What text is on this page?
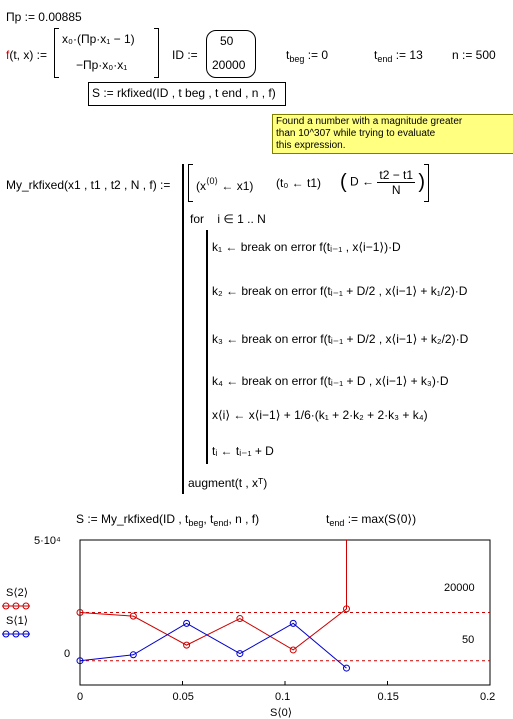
Пр := 0.00885
f(t, x) :=
x₀·(Пр·x₁ − 1)
−Пр·x₀·x₁
ID :=
50
20000
$t_{beg}$ := 0	$t_{end}$ := 13 n := 500
S := rkfixed(ID , t beg , t end , n , f)
Found a number with a magnitude greater
than 10^307 while trying to evaluate
this expression.
My_rkfixed(x1 , t1 , t2 , N , f) := ($x^{⟨0⟩}$ ← x1) (t₀ ← t1) ( D ← $\frac{t2 - t1}{N}$ )
for i ∈ 1 .. N
k₁ ← break on error f(tᵢ₋₁ , x⟨i−1⟩)·D
k₂ ← break on error f(tᵢ₋₁ + D/2 , x⟨i−1⟩ + k₁/2)·D
k₃ ← break on error f(tᵢ₋₁ + D/2 , x⟨i−1⟩ + k₂/2)·D
k₄ ← break on error f(tᵢ₋₁ + D , x⟨i−1⟩ + k₃)·D
x⟨i⟩ ← x⟨i−1⟩ + 1/6·(k₁ + 2·k₂ + 2·k₃ + k₄)
tᵢ ← tᵢ₋₁ + D
augment(t , xᵀ)
S := My_rkfixed(ID , $t_{beg}$, $t_{end}$, n , f)	$t_{end}$ := max(S⟨0⟩)
0	0.05	0.1	0.15	0.2
5·10⁴
0
20000
50
S⟨0⟩
S⟨2⟩
S⟨1⟩
